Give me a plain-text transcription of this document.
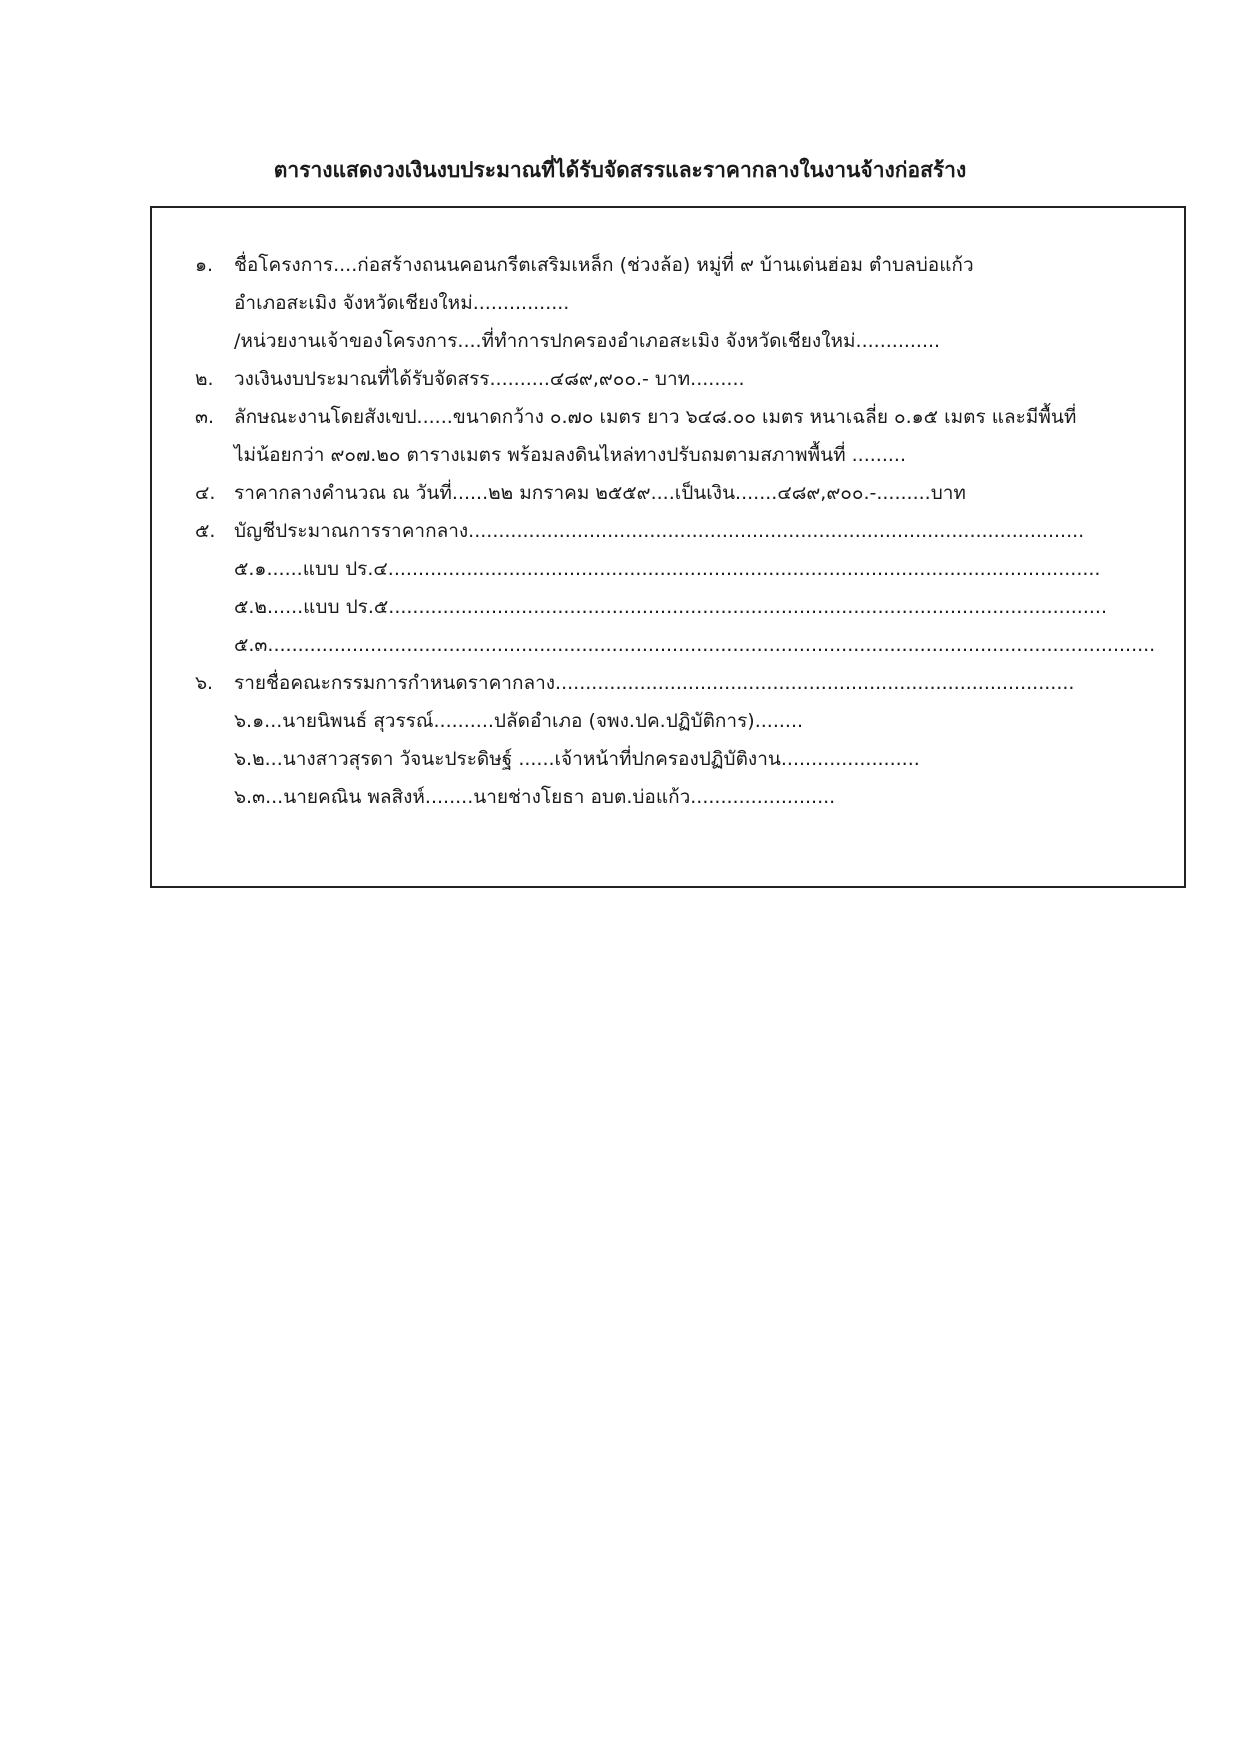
ตารางแสดงวงเงินงบประมาณที่ได้รับจัดสรรและราคากลางในงานจ้างก่อสร้าง
๑. ชื่อโครงการ....ก่อสร้างถนนคอนกรีตเสริมเหล็ก (ช่วงล้อ) หมู่ที่ ๙ บ้านเด่นฮ่อม ตำบลบ่อแก้ว
อำเภอสะเมิง จังหวัดเชียงใหม่................
/หน่วยงานเจ้าของโครงการ....ที่ทำการปกครองอำเภอสะเมิง จังหวัดเชียงใหม่..............
๒. วงเงินงบประมาณที่ได้รับจัดสรร..........๔๘๙,๙๐๐.- บาท.........
๓. ลักษณะงานโดยสังเขป......ขนาดกว้าง ๐.๗๐ เมตร ยาว ๖๔๘.๐๐ เมตร หนาเฉลี่ย ๐.๑๕ เมตร และมีพื้นที่
ไม่น้อยกว่า ๙๐๗.๒๐ ตารางเมตร พร้อมลงดินไหล่ทางปรับถมตามสภาพพื้นที่ .........
๔. ราคากลางคำนวณ ณ วันที่......๒๒ มกราคม ๒๕๕๙....เป็นเงิน.......๔๘๙,๙๐๐.-.........บาท
๕. บัญชีประมาณการราคากลาง......................................................................................................
๕.๑......แบบ ปร.๔......................................................................................................................
๕.๒......แบบ ปร.๕.......................................................................................................................
๕.๓...................................................................................................................................................
๖. รายชื่อคณะกรรมการกำหนดราคากลาง......................................................................................
๖.๑...นายนิพนธ์ สุวรรณ์..........ปลัดอำเภอ (จพง.ปค.ปฏิบัติการ)........
๖.๒...นางสาวสุรดา วัจนะประดิษฐ์ ......เจ้าหน้าที่ปกครองปฏิบัติงาน.......................
๖.๓...นายคณิน พลสิงห์........นายช่างโยธา อบต.บ่อแก้ว........................
